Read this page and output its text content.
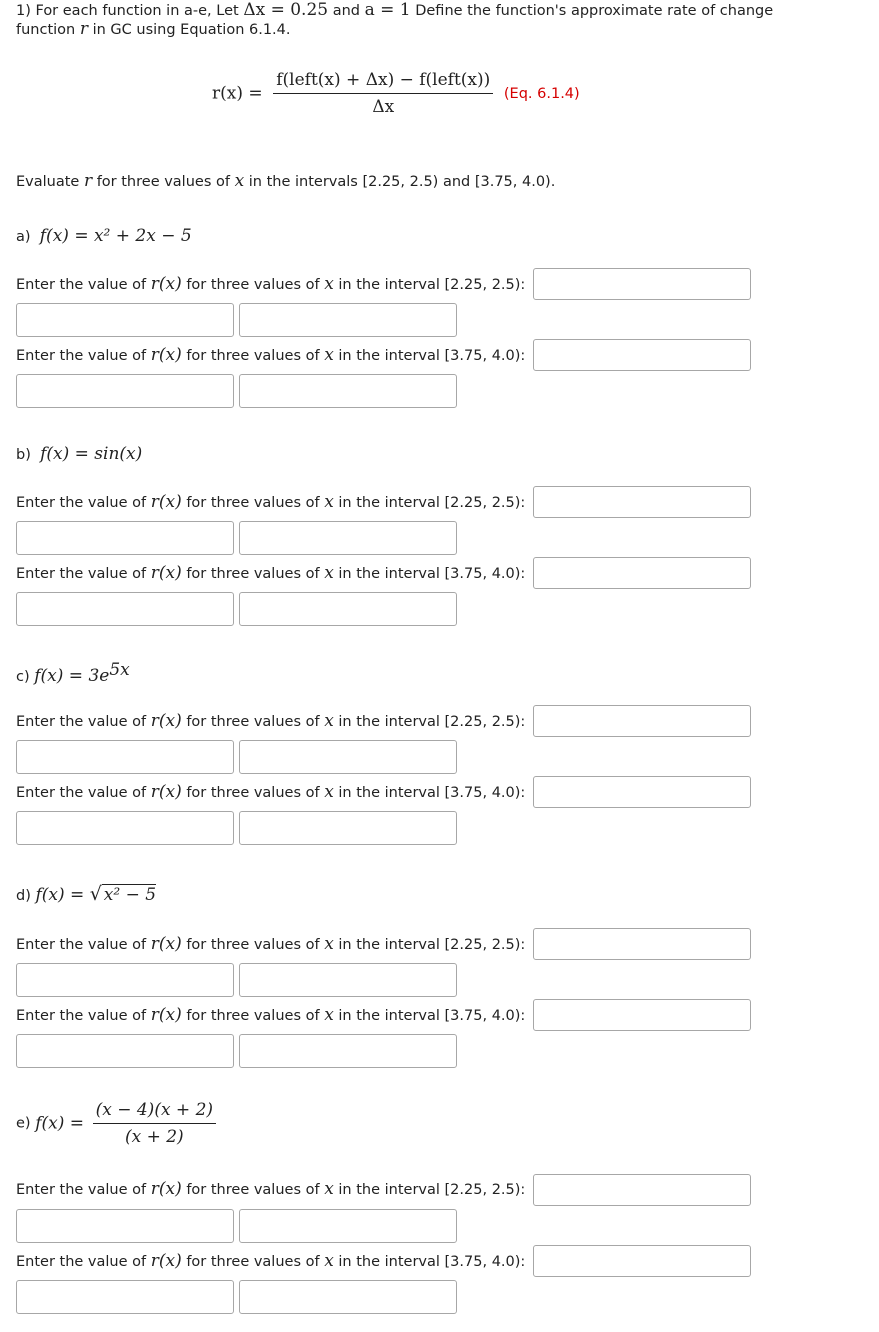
1) For each function in a-e, Let Δx = 0.25 and a = 1 Define the function's approximate rate of change
function r in GC using Equation 6.1.4.
$r(x) = \frac{\text{f(left(x) + Δx) − f(left(x))}}{\Delta x} (Eq$. 6.1.4)
Evaluate r for three values of x in the intervals [2.25, 2.5) and [3.75, 4.0).
a) f(x) = x² + 2x − 5
Enter the value of r(x) for three values of x in the interval [2.25, 2.5):
Enter the value of r(x) for three values of x in the interval [3.75, 4.0):
b) f(x) = sin(x)
Enter the value of r(x) for three values of x in the interval [2.25, 2.5):
Enter the value of r(x) for three values of x in the interval [3.75, 4.0):
c) $f(x) = 3e^{5x}$
Enter the value of r(x) for three values of x in the interval [2.25, 2.5):
Enter the value of r(x) for three values of x in the interval [3.75, 4.0):
d) f(x) = √ x² − 5
Enter the value of r(x) for three values of x in the interval [2.25, 2.5):
Enter the value of r(x) for three values of x in the interval [3.75, 4.0):
e) $f(x) = \frac{(x - 4)(x + 2)}{(x + 2)}$
Enter the value of r(x) for three values of x in the interval [2.25, 2.5):
Enter the value of r(x) for three values of x in the interval [3.75, 4.0):
